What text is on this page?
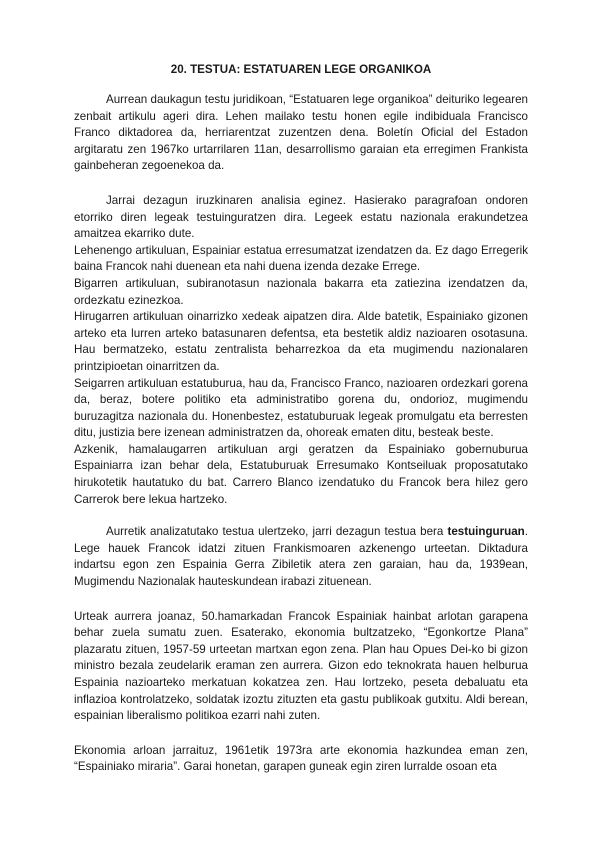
20. TESTUA: ESTATUAREN LEGE ORGANIKOA

Aurrean daukagun testu juridikoan, “Estatuaren lege organikoa” deituriko legearen zenbait artikulu ageri dira. Lehen mailako testu honen egile indibiduala Francisco Franco diktadorea da, herriarentzat zuzentzen dena. Boletín Oficial del Estadon argitaratu zen 1967ko urtarrilaren 11an, desarrollismo garaian eta erregimen Frankista gainbeheran zegoenekoa da.

Jarrai dezagun iruzkinaren analisia eginez. Hasierako paragrafoan ondoren etorriko diren legeak testuinguratzen dira. Legeek estatu nazionala erakundetzea amaitzea ekarriko dute.

Lehenengo artikuluan, Espainiar estatua erresumatzat izendatzen da. Ez dago Erregerik baina Francok nahi duenean eta nahi duena izenda dezake Errege.

Bigarren artikuluan, subiranotasun nazionala bakarra eta zatiezina izendatzen da, ordezkatu ezinezkoa.

Hirugarren artikuluan oinarrizko xedeak aipatzen dira. Alde batetik, Espainiako gizonen arteko eta lurren arteko batasunaren defentsa, eta bestetik aldiz nazioaren osotasuna. Hau bermatzeko, estatu zentralista beharrezkoa da eta mugimendu nazionalaren printzipioetan oinarritzen da.

Seigarren artikuluan estatuburua, hau da, Francisco Franco, nazioaren ordezkari gorena da, beraz, botere politiko eta administratibo gorena du, ondorioz, mugimendu buruzagitza nazionala du. Honenbestez, estatuburuak legeak promulgatu eta berresten ditu, justizia bere izenean administratzen da, ohoreak ematen ditu, besteak beste.

Azkenik, hamalaugarren artikuluan argi geratzen da Espainiako gobernuburua Espainiarra izan behar dela, Estatuburuak Erresumako Kontseiluak proposatutako hirukotetik hautatuko du bat. Carrero Blanco izendatuko du Francok bera hilez gero Carrerok bere lekua hartzeko.

Aurretik analizatutako testua ulertzeko, jarri dezagun testua bera testuinguruan. Lege hauek Francok idatzi zituen Frankismoaren azkenengo urteetan. Diktadura indartsu egon zen Espainia Gerra Zibiletik atera zen garaian, hau da, 1939ean, Mugimendu Nazionalak hauteskundean irabazi zituenean.

Urteak aurrera joanaz, 50.hamarkadan Francok Espainiak hainbat arlotan garapena behar zuela sumatu zuen. Esaterako, ekonomia bultzatzeko, “Egonkortze Plana” plazaratu zituen, 1957-59 urteetan martxan egon zena. Plan hau Opues Dei-ko bi gizon ministro bezala zeudelarik eraman zen aurrera. Gizon edo teknokrata hauen helburua Espainia nazioarteko merkatuan kokatzea zen. Hau lortzeko, peseta debaluatu eta inflazioa kontrolatzeko, soldatak izoztu zituzten eta gastu publikoak gutxitu. Aldi berean, espainian liberalismo politikoa ezarri nahi zuten.

Ekonomia arloan jarraituz, 1961etik 1973ra arte ekonomia hazkundea eman zen, “Espainiako miraria”. Garai honetan, garapen guneak egin ziren lurralde osoan eta
